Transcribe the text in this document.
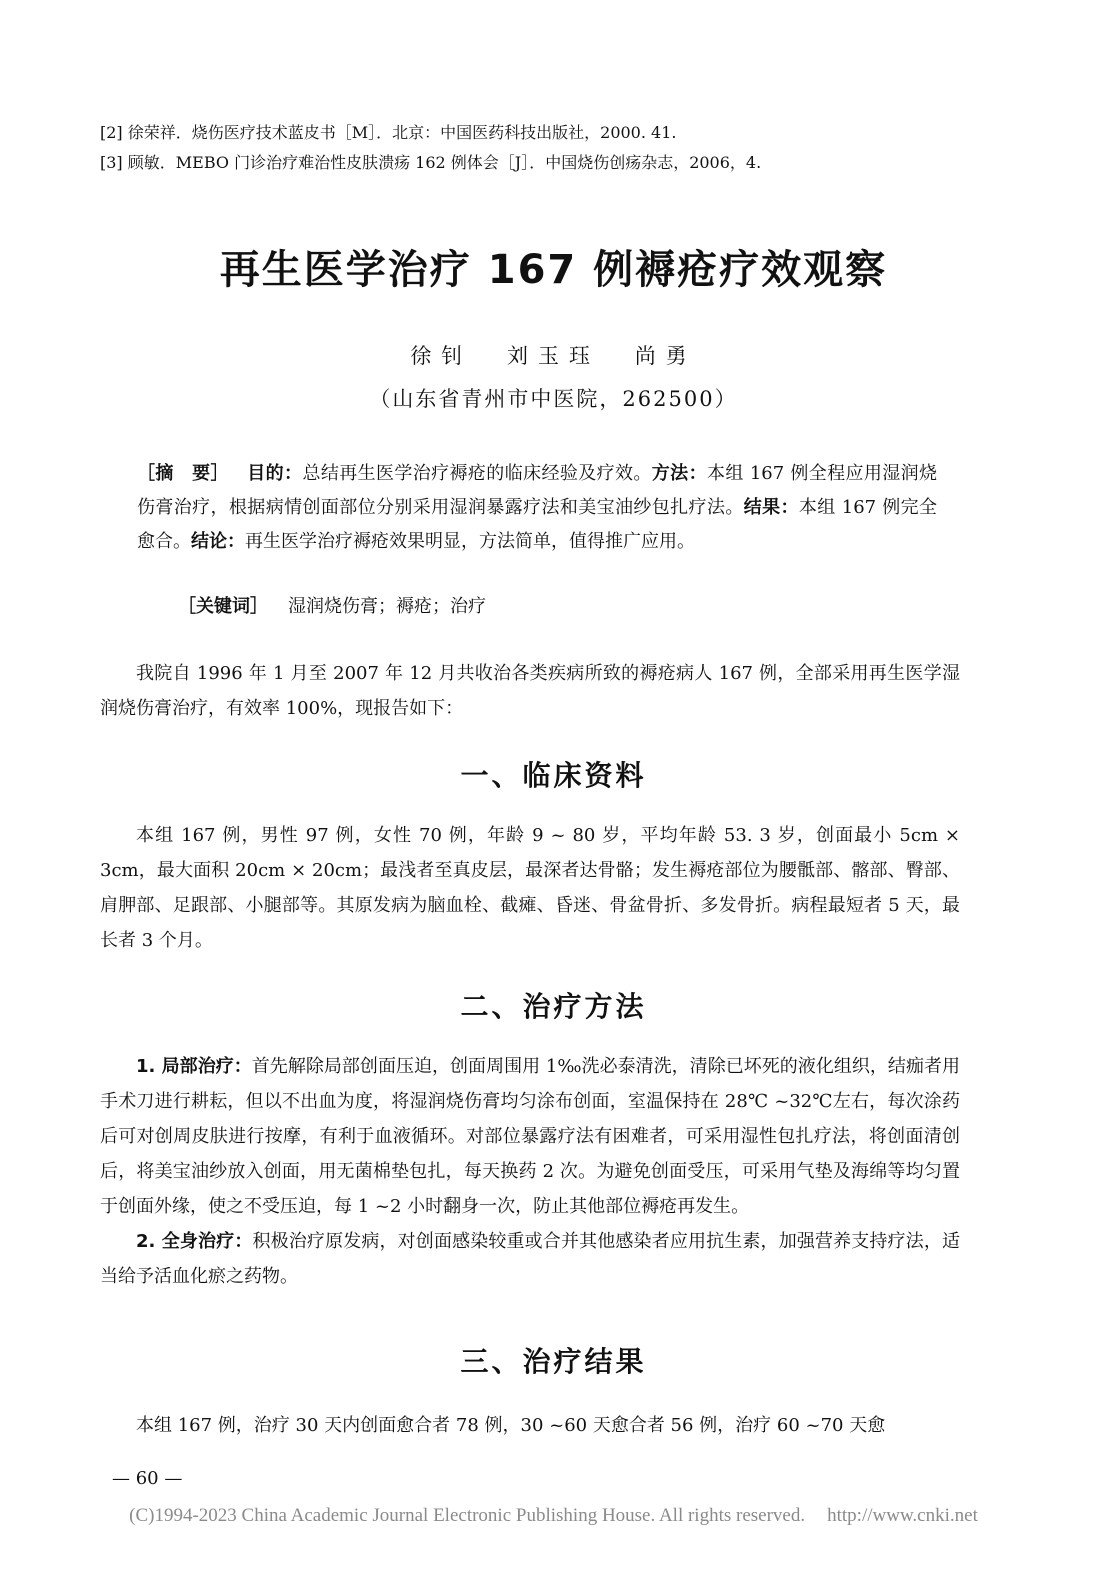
[2] 徐荣祥．烧伤医疗技术蓝皮书［M］．北京：中国医药科技出版社，2000. 41.
[3] 顾敏．MEBO 门诊治疗难治性皮肤溃疡 162 例体会［J］．中国烧伤创疡杂志，2006，4.
再生医学治疗 167 例褥疮疗效观察
徐钊 刘玉珏 尚勇
（山东省青州市中医院，262500）
［摘　要］ 目的：总结再生医学治疗褥疮的临床经验及疗效。方法：本组 167 例全程应用湿润烧伤膏治疗，根据病情创面部位分别采用湿润暴露疗法和美宝油纱包扎疗法。结果：本组 167 例完全愈合。结论：再生医学治疗褥疮效果明显，方法简单，值得推广应用。
［关键词］ 湿润烧伤膏；褥疮；治疗

我院自 1996 年 1 月至 2007 年 12 月共收治各类疾病所致的褥疮病人 167 例，全部采用再生医学湿润烧伤膏治疗，有效率 100%，现报告如下：

一、临床资料

本组 167 例，男性 97 例，女性 70 例，年龄 9 ~ 80 岁，平均年龄 53. 3 岁，创面最小 5cm × 3cm，最大面积 20cm × 20cm；最浅者至真皮层，最深者达骨骼；发生褥疮部位为腰骶部、髂部、臀部、肩胛部、足跟部、小腿部等。其原发病为脑血栓、截瘫、昏迷、骨盆骨折、多发骨折。病程最短者 5 天，最长者 3 个月。

二、治疗方法

1. 局部治疗：首先解除局部创面压迫，创面周围用 1‰洗必泰清洗，清除已坏死的液化组织，结痂者用手术刀进行耕耘，但以不出血为度，将湿润烧伤膏均匀涂布创面，室温保持在 28℃ ~32℃左右，每次涂药后可对创周皮肤进行按摩，有利于血液循环。对部位暴露疗法有困难者，可采用湿性包扎疗法，将创面清创后，将美宝油纱放入创面，用无菌棉垫包扎，每天换药 2 次。为避免创面受压，可采用气垫及海绵等均匀置于创面外缘，使之不受压迫，每 1 ~2 小时翻身一次，防止其他部位褥疮再发生。

2. 全身治疗：积极治疗原发病，对创面感染较重或合并其他感染者应用抗生素，加强营养支持疗法，适当给予活血化瘀之药物。

三、治疗结果

本组 167 例，治疗 30 天内创面愈合者 78 例，30 ~60 天愈合者 56 例，治疗 60 ~70 天愈

— 60 —
(C)1994-2023 China Academic Journal Electronic Publishing House. All rights reserved. http://www.cnki.net
